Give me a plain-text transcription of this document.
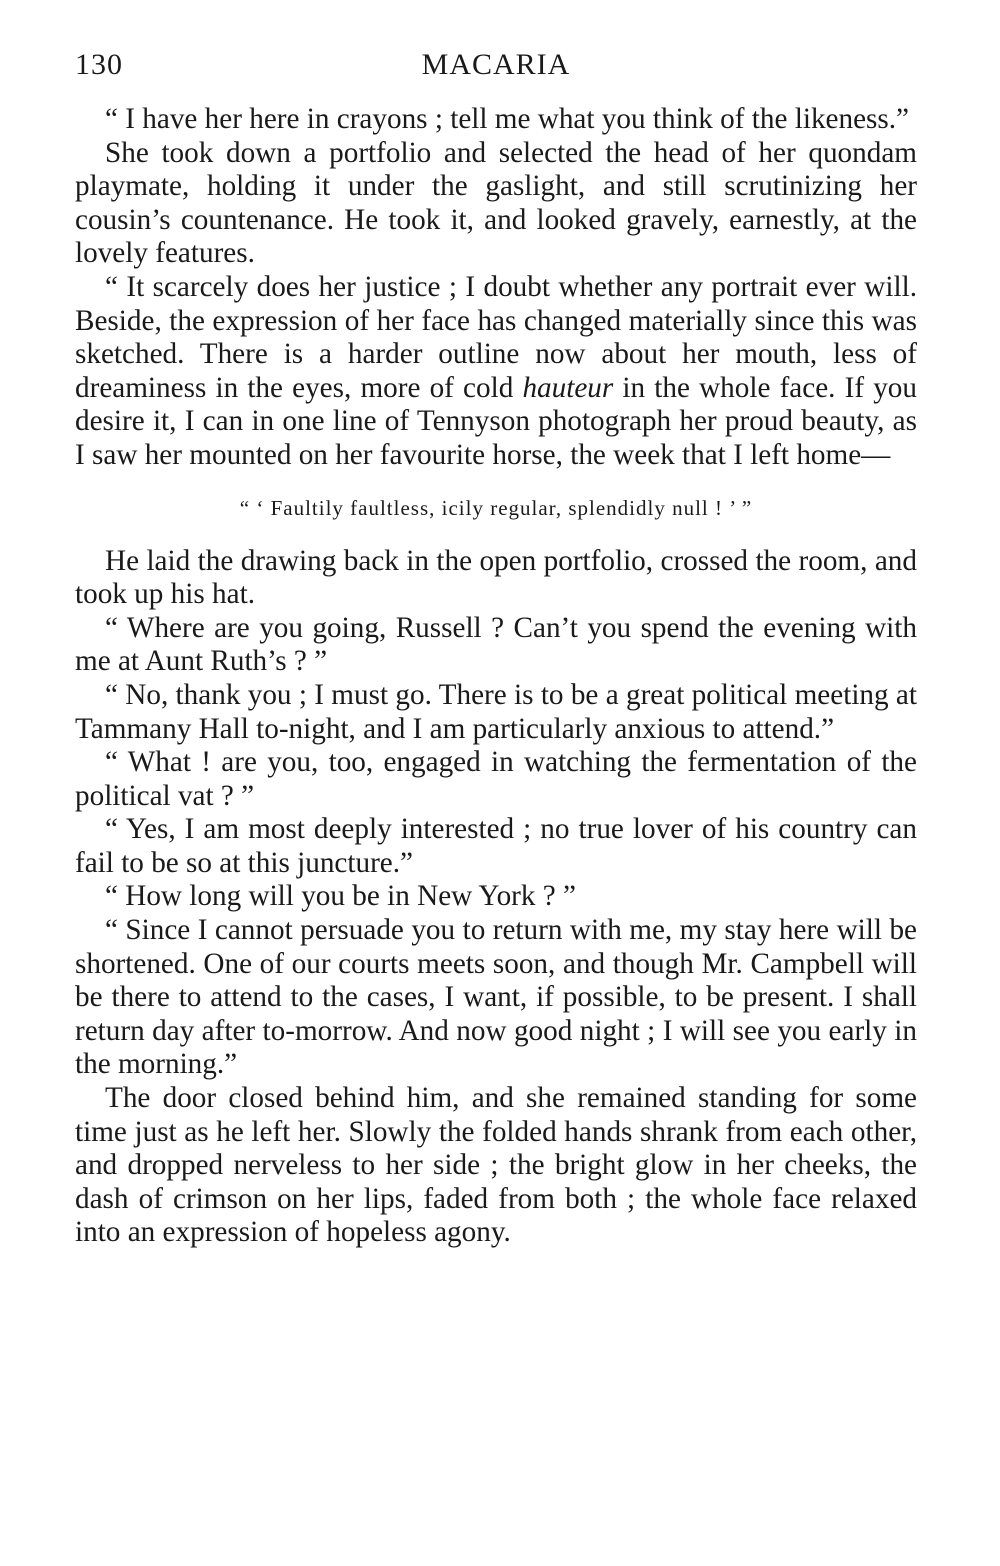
130	MACARIA

“ I have her here in crayons ; tell me what you think of the likeness.”

She took down a portfolio and selected the head of her quondam playmate, holding it under the gaslight, and still scrutinizing her cousin’s countenance. He took it, and looked gravely, earnestly, at the lovely features.

“ It scarcely does her justice ; I doubt whether any portrait ever will. Beside, the expression of her face has changed materially since this was sketched. There is a harder outline now about her mouth, less of dreaminess in the eyes, more of cold hauteur in the whole face. If you desire it, I can in one line of Tennyson photograph her proud beauty, as I saw her mounted on her favourite horse, the week that I left home—

“ ‘ Faultily faultless, icily regular, splendidly null ! ’ ”

He laid the drawing back in the open portfolio, crossed the room, and took up his hat.

“ Where are you going, Russell ? Can’t you spend the evening with me at Aunt Ruth’s ? ”

“ No, thank you ; I must go. There is to be a great political meeting at Tammany Hall to-night, and I am particularly anxious to attend.”

“ What ! are you, too, engaged in watching the fermentation of the political vat ? ”

“ Yes, I am most deeply interested ; no true lover of his country can fail to be so at this juncture.”

“ How long will you be in New York ? ”

“ Since I cannot persuade you to return with me, my stay here will be shortened. One of our courts meets soon, and though Mr. Campbell will be there to attend to the cases, I want, if possible, to be present. I shall return day after to-morrow. And now good night ; I will see you early in the morning.”

The door closed behind him, and she remained standing for some time just as he left her. Slowly the folded hands shrank from each other, and dropped nerveless to her side ; the bright glow in her cheeks, the dash of crimson on her lips, faded from both ; the whole face relaxed into an expression of hopeless agony.
